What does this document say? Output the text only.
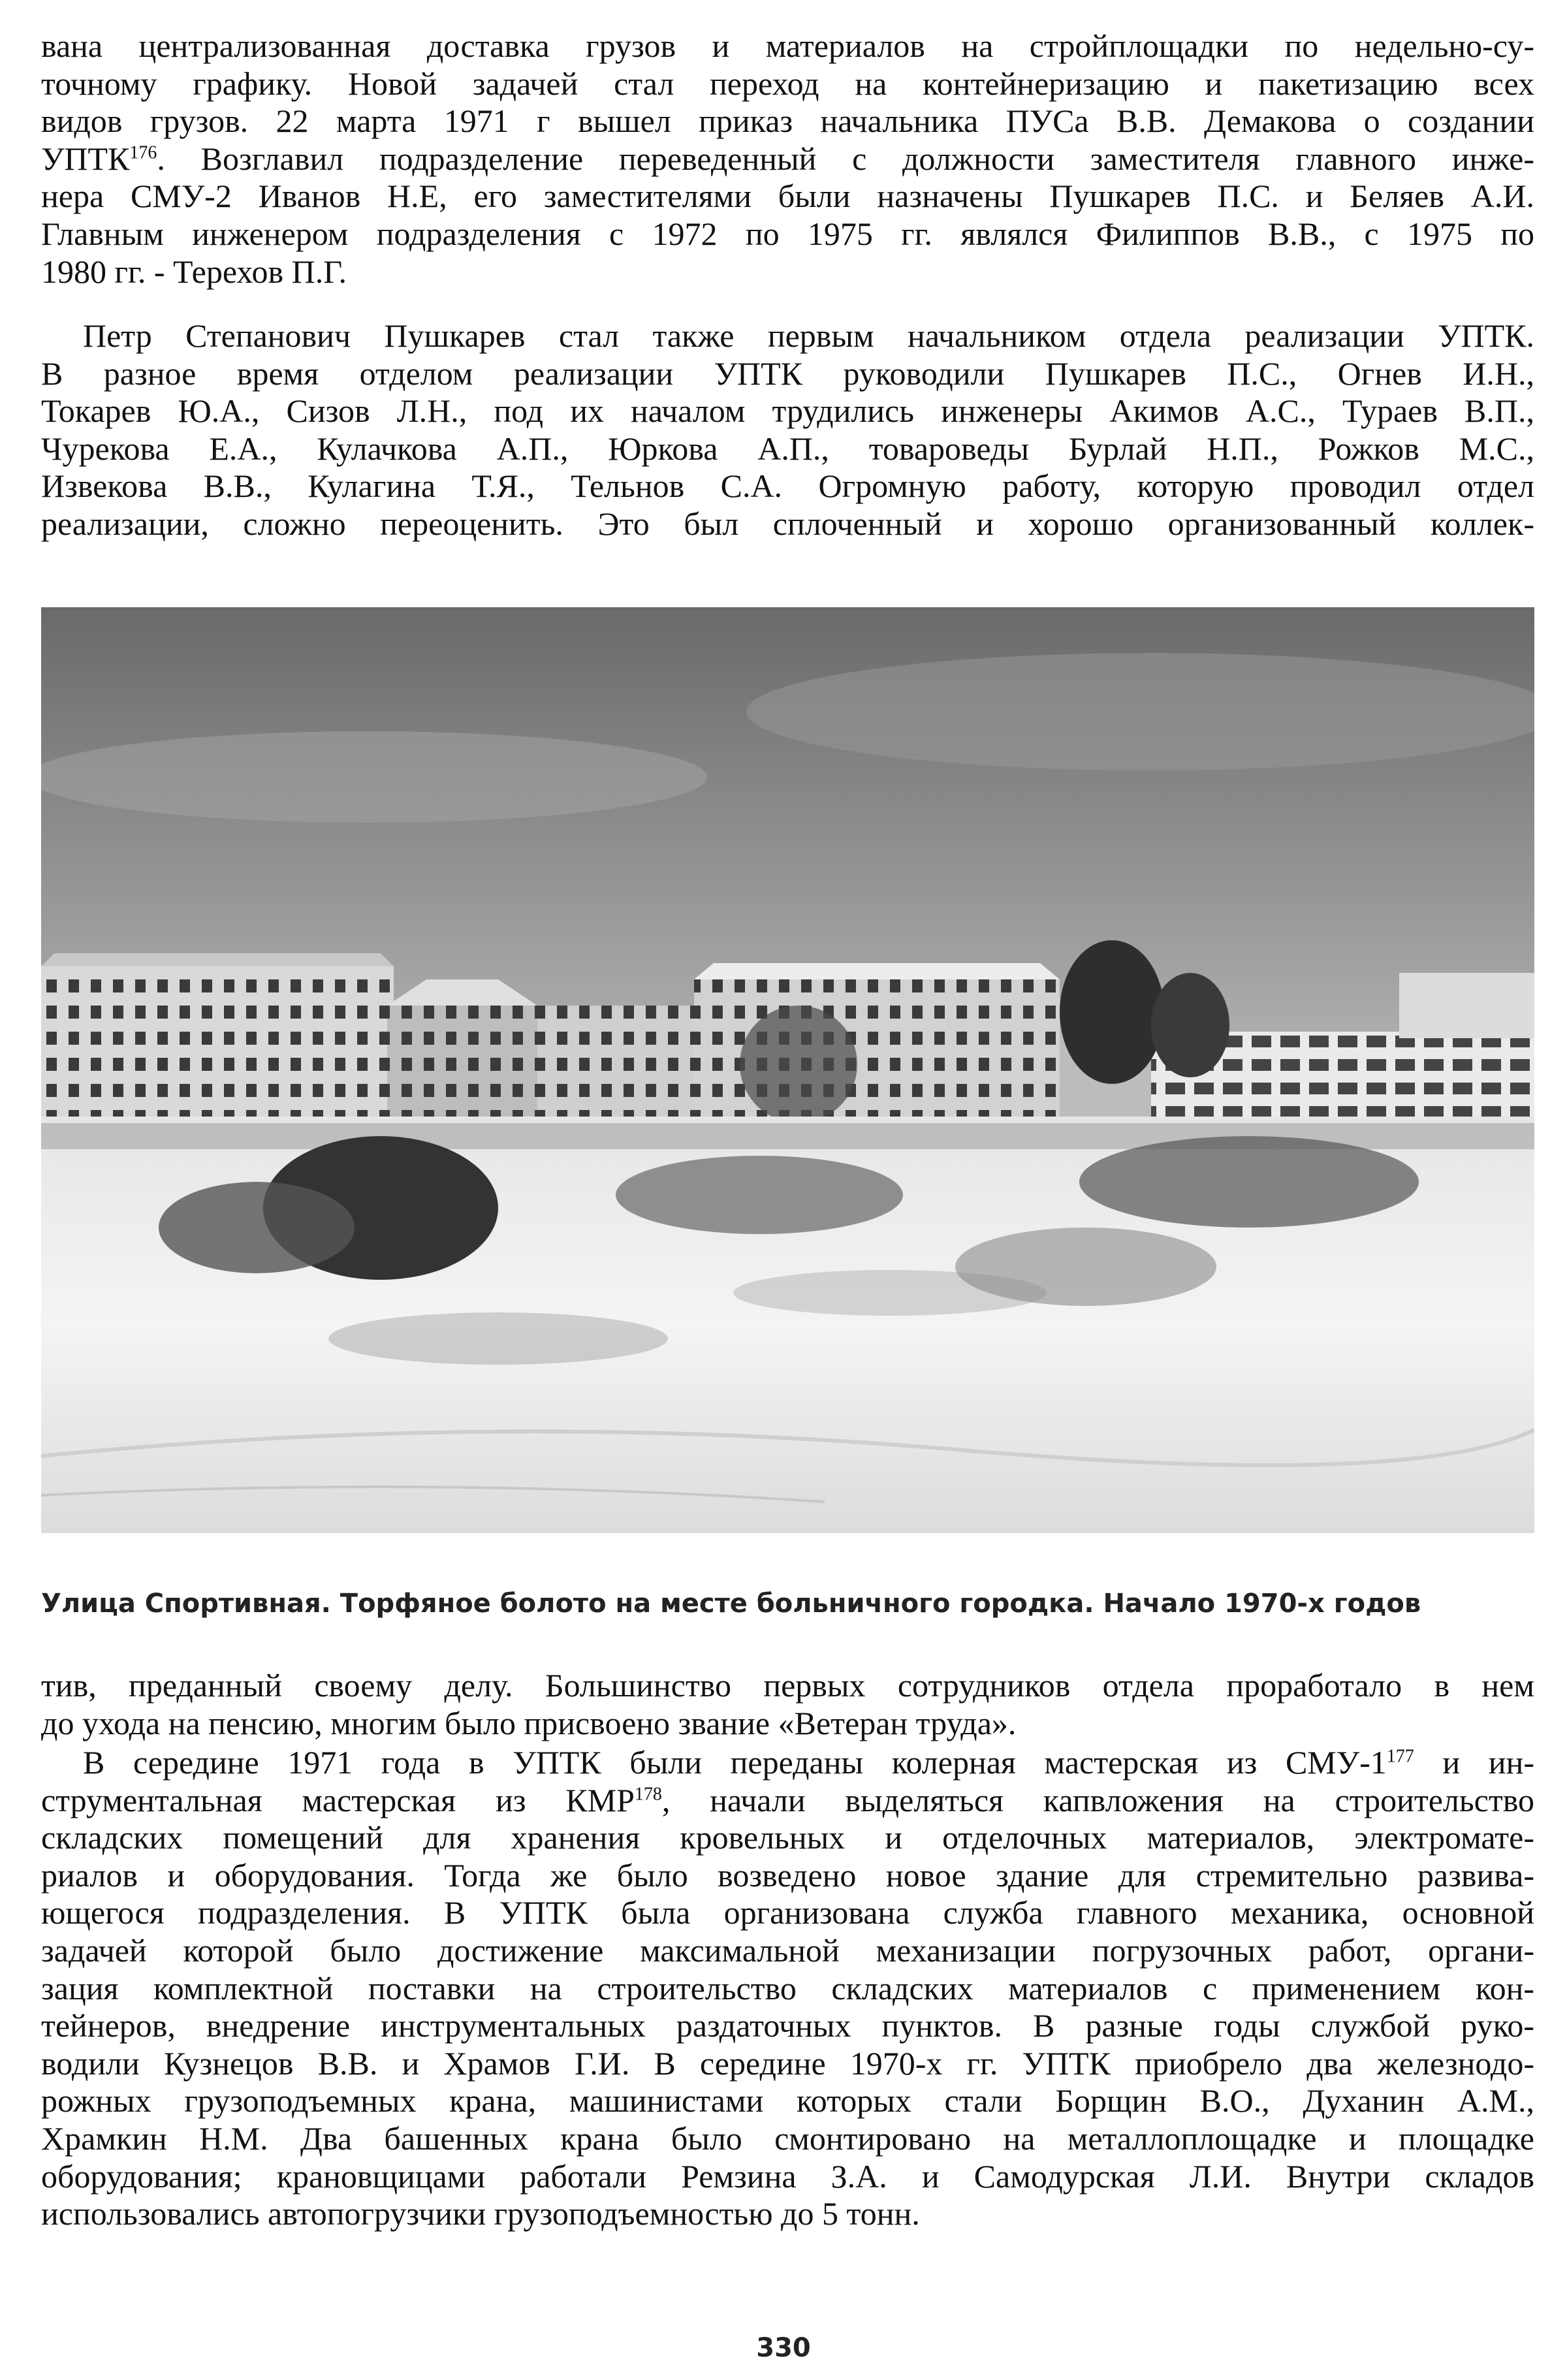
вана централизованная доставка грузов и материалов на стройплощадки по недельно-су-
точному графику. Новой задачей стал переход на контейнеризацию и пакетизацию всех
видов грузов. 22 марта 1971 г вышел приказ начальника ПУСа В.В. Демакова о создании
УПТК$^{176}$. Возглавил подразделение переведенный с должности заместителя главного инже-
нера СМУ-2 Иванов Н.Е, его заместителями были назначены Пушкарев П.С. и Беляев А.И.
Главным инженером подразделения с 1972 по 1975 гг. являлся Филиппов В.В., с 1975 по
1980 гг. - Терехов П.Г.
Петр Степанович Пушкарев стал также первым начальником отдела реализации УПТК.
В разное время отделом реализации УПТК руководили Пушкарев П.С., Огнев И.Н.,
Токарев Ю.А., Сизов Л.Н., под их началом трудились инженеры Акимов А.С., Тураев В.П.,
Чурекова Е.А., Кулачкова А.П., Юркова А.П., товароведы Бурлай Н.П., Рожков М.С.,
Извекова В.В., Кулагина Т.Я., Тельнов С.А. Огромную работу, которую проводил отдел
реализации, сложно переоценить. Это был сплоченный и хорошо организованный коллек-
Улица Спортивная. Торфяное болото на месте больничного городка. Начало 1970-х годов
тив, преданный своему делу. Большинство первых сотрудников отдела проработало в нем
до ухода на пенсию, многим было присвоено звание «Ветеран труда».
В середине 1971 года в УПТК были переданы колерная мастерская из СМУ-$1^{177}$ и ин-
струментальная мастерская из КМР$^{178}$, начали выделяться капвложения на строительство
складских помещений для хранения кровельных и отделочных материалов, электромате-
риалов и оборудования. Тогда же было возведено новое здание для стремительно развива-
ющегося подразделения. В УПТК была организована служба главного механика, основной
задачей которой было достижение максимальной механизации погрузочных работ, органи-
зация комплектной поставки на строительство складских материалов с применением кон-
тейнеров, внедрение инструментальных раздаточных пунктов. В разные годы службой руко-
водили Кузнецов В.В. и Храмов Г.И. В середине 1970-х гг. УПТК приобрело два железнодо-
рожных грузоподъемных крана, машинистами которых стали Борщин В.О., Духанин А.М.,
Храмкин Н.М. Два башенных крана было смонтировано на металлоплощадке и площадке
оборудования; крановщицами работали Ремзина З.А. и Самодурская Л.И. Внутри складов
использовались автопогрузчики грузоподъемностью до 5 тонн.
330
